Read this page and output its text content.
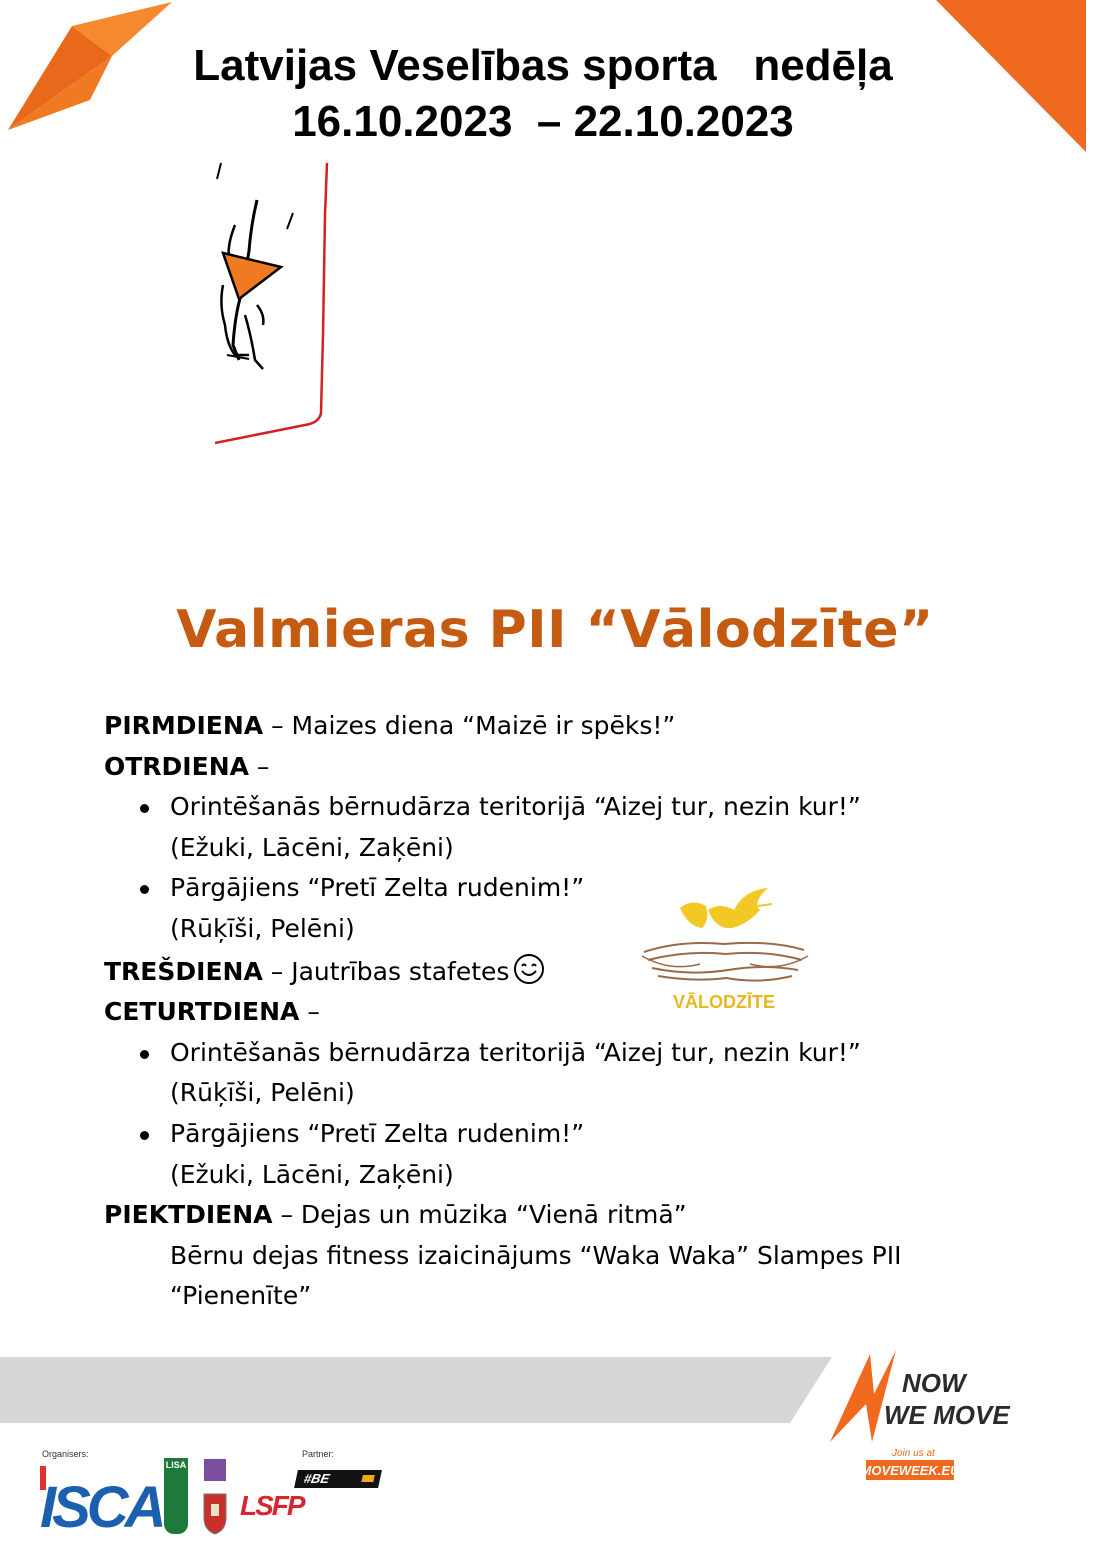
Latvijas Veselības sporta   nedēļa
16.10.2023  – 22.10.2023
Valmieras PII “Vālodzīte”
VĀLODZĪTE
PIRMDIENA – Maizes diena “Maizē ir spēks!”
OTRDIENA –
Orintēšanās bērnudārza teritorijā “Aizej tur, nezin kur!”
(Ežuki, Lācēni, Zaķēni)
Pārgājiens “Pretī Zelta rudenim!”
(Rūķīši, Pelēni)
TREŠDIENA – Jautrības stafetes
CETURTDIENA –
Orintēšanās bērnudārza teritorijā “Aizej tur, nezin kur!”
(Rūķīši, Pelēni)
Pārgājiens “Pretī Zelta rudenim!”
(Ežuki, Lācēni, Zaķēni)
PIEKTDIENA – Dejas un mūzika “Vienā ritmā”
Bērnu dejas fitness izaicinājums “Waka Waka” Slampes PII
“Pienenīte”
NOW
WE MOVE
Join us at
MOVEWEEK.EU
Organisers:	Partner:
ISCA
LISA
LSFP
#BE
